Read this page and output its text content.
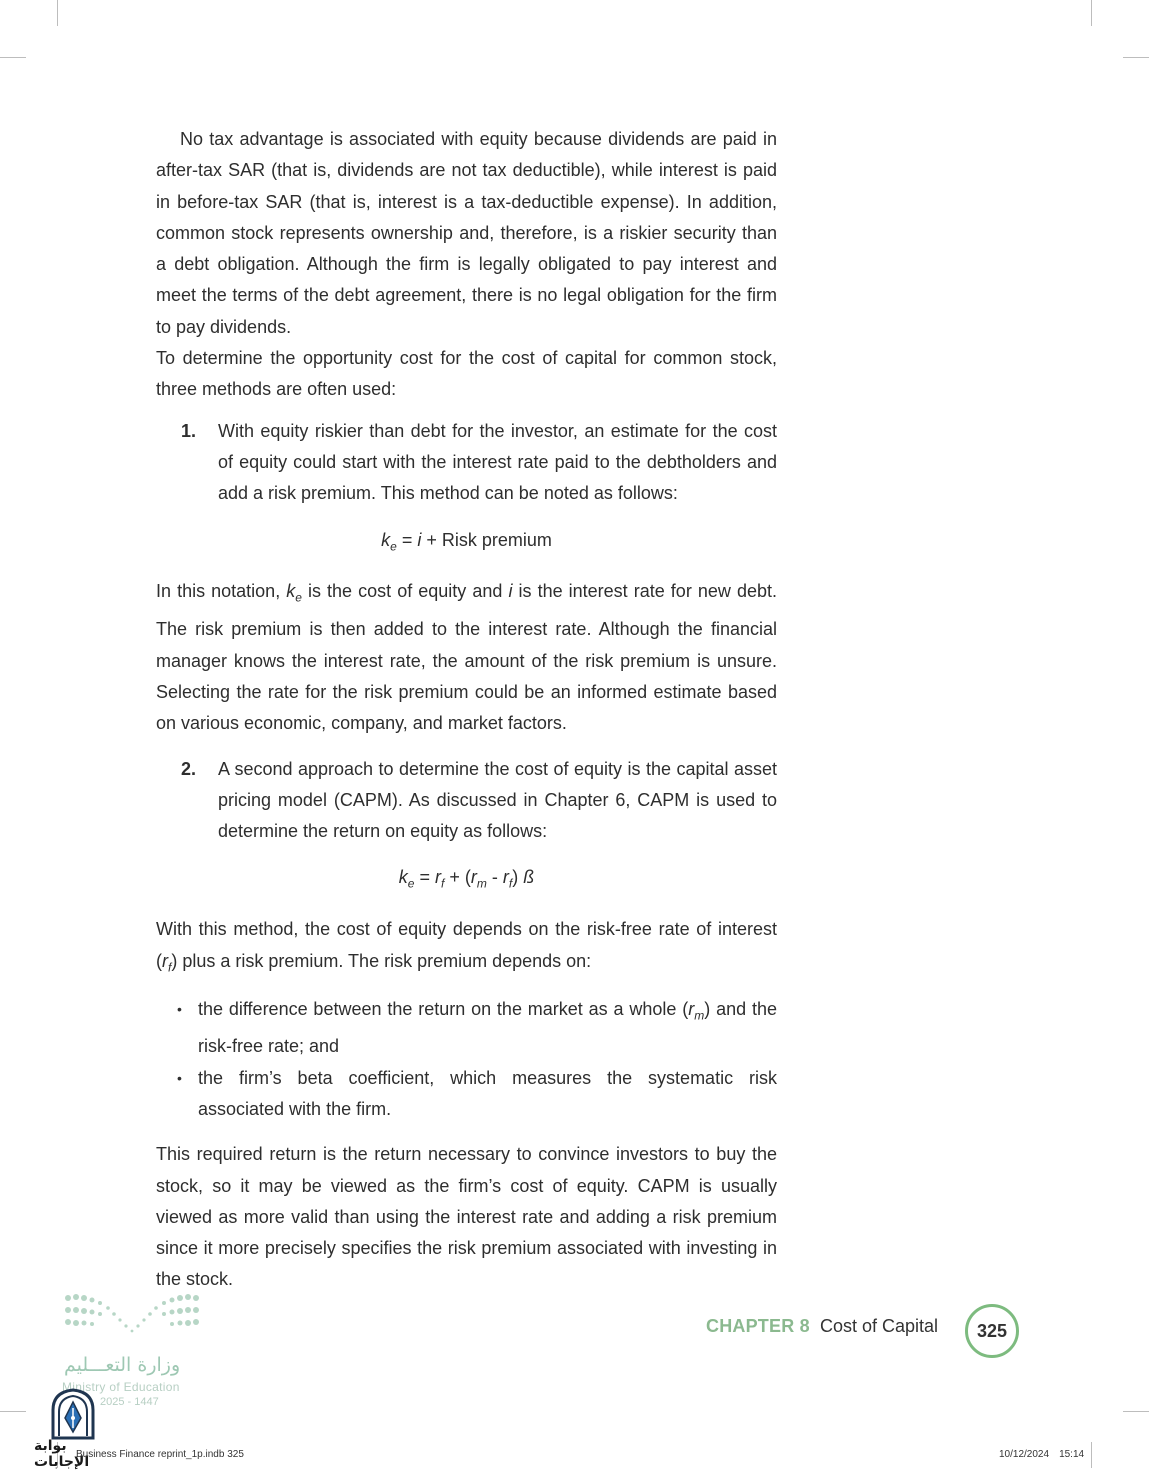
No tax advantage is associated with equity because dividends are paid in after-tax SAR (that is, dividends are not tax deductible), while interest is paid in before-tax SAR (that is, interest is a tax-deductible expense). In addition, common stock represents ownership and, therefore, is a riskier security than a debt obligation. Although the firm is legally obligated to pay interest and meet the terms of the debt agreement, there is no legal obligation for the firm to pay dividends.

To determine the opportunity cost for the cost of capital for common stock, three methods are often used:

1.	With equity riskier than debt for the investor, an estimate for the cost of equity could start with the interest rate paid to the debtholders and add a risk premium. This method can be noted as follows:
$k_e = i$ + Risk premium

In this notation, $k_e$ is the cost of equity and i is the interest rate for new debt. The risk premium is then added to the interest rate. Although the financial manager knows the interest rate, the amount of the risk premium is unsure. Selecting the rate for the risk premium could be an informed estimate based on various economic, company, and market factors.

2.	A second approach to determine the cost of equity is the capital asset pricing model (CAPM). As discussed in Chapter 6, CAPM is used to determine the return on equity as follows:
$k_e = r_f + (r_m - r_f)$ ß

With this method, the cost of equity depends on the risk-free rate of interest $(r_f)$ plus a risk premium. The risk premium depends on:

• the difference between the return on the market as a whole $(r_m)$ and the risk-free rate; and
• the firm’s beta coefficient, which measures the systematic risk associated with the firm.

This required return is the return necessary to convince investors to buy the stock, so it may be viewed as the firm’s cost of equity. CAPM is usually viewed as more valid than using the interest rate and adding a risk premium since it more precisely specifies the risk premium associated with investing in the stock.

CHAPTER 8 Cost of Capital 325
وزارة التعـــليم
Ministry of Education
2025 - 1447
بوابة الإجابات
Business Finance reprint_1p.indb 325	10/12/2024 15:14
